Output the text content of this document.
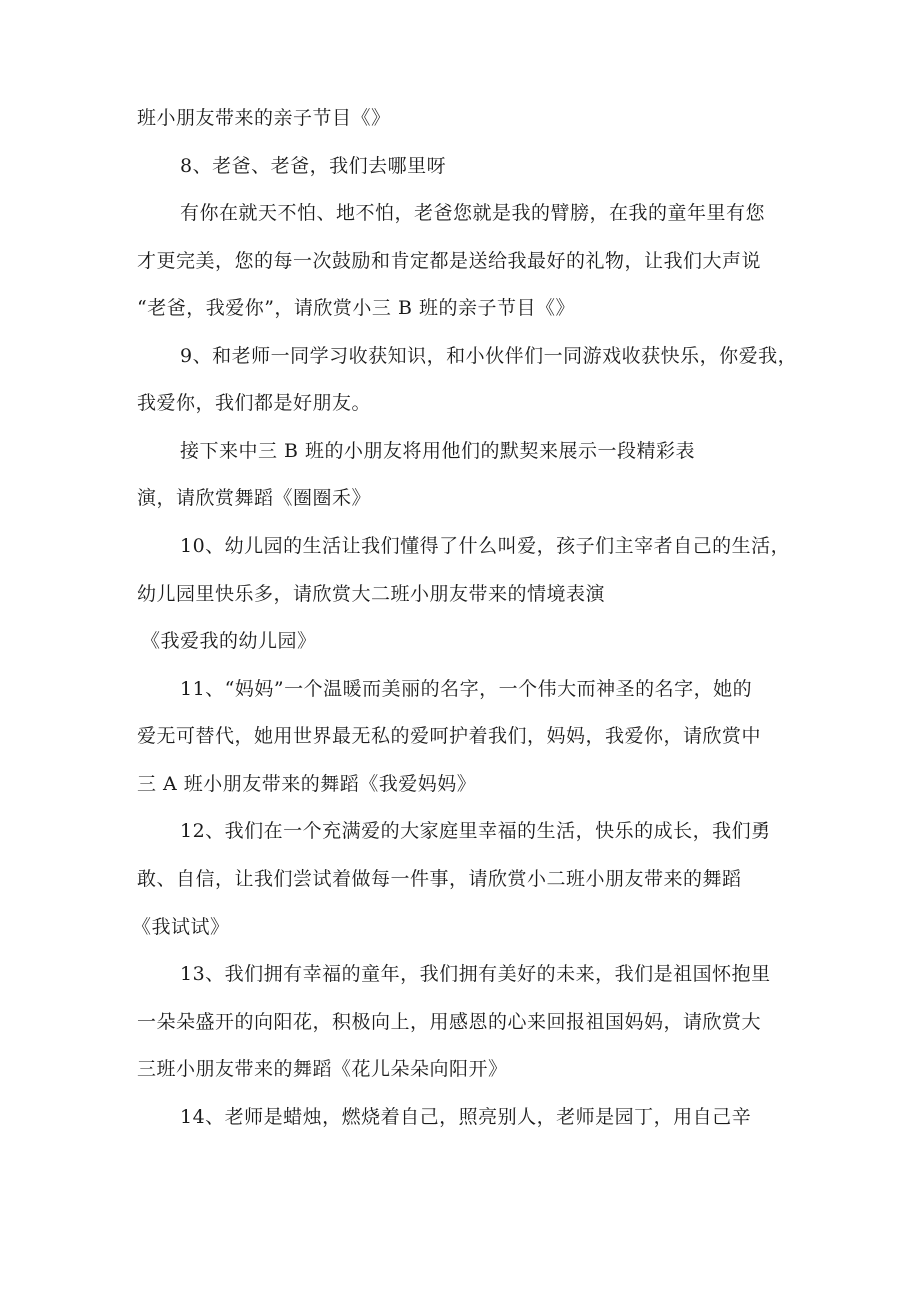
班小朋友带来的亲子节目《》
8、老爸、老爸，我们去哪里呀
有你在就天不怕、地不怕，老爸您就是我的臂膀，在我的童年里有您
才更完美，您的每一次鼓励和肯定都是送给我最好的礼物，让我们大声说
“老爸，我爱你”，请欣赏小三 B 班的亲子节目《》
9、和老师一同学习收获知识，和小伙伴们一同游戏收获快乐，你爱我，
我爱你，我们都是好朋友。
接下来中三 B 班的小朋友将用他们的默契来展示一段精彩表
演，请欣赏舞蹈《圈圈禾》
10、幼儿园的生活让我们懂得了什么叫爱，孩子们主宰者自己的生活，
幼儿园里快乐多，请欣赏大二班小朋友带来的情境表演
《我爱我的幼儿园》
11、“妈妈”一个温暖而美丽的名字，一个伟大而神圣的名字，她的
爱无可替代，她用世界最无私的爱呵护着我们，妈妈，我爱你，请欣赏中
三 A 班小朋友带来的舞蹈《我爱妈妈》
12、我们在一个充满爱的大家庭里幸福的生活，快乐的成长，我们勇
敢、自信，让我们尝试着做每一件事，请欣赏小二班小朋友带来的舞蹈
《我试试》
13、我们拥有幸福的童年，我们拥有美好的未来，我们是祖国怀抱里
一朵朵盛开的向阳花，积极向上，用感恩的心来回报祖国妈妈，请欣赏大
三班小朋友带来的舞蹈《花儿朵朵向阳开》
14、老师是蜡烛，燃烧着自己，照亮别人，老师是园丁，用自己辛
